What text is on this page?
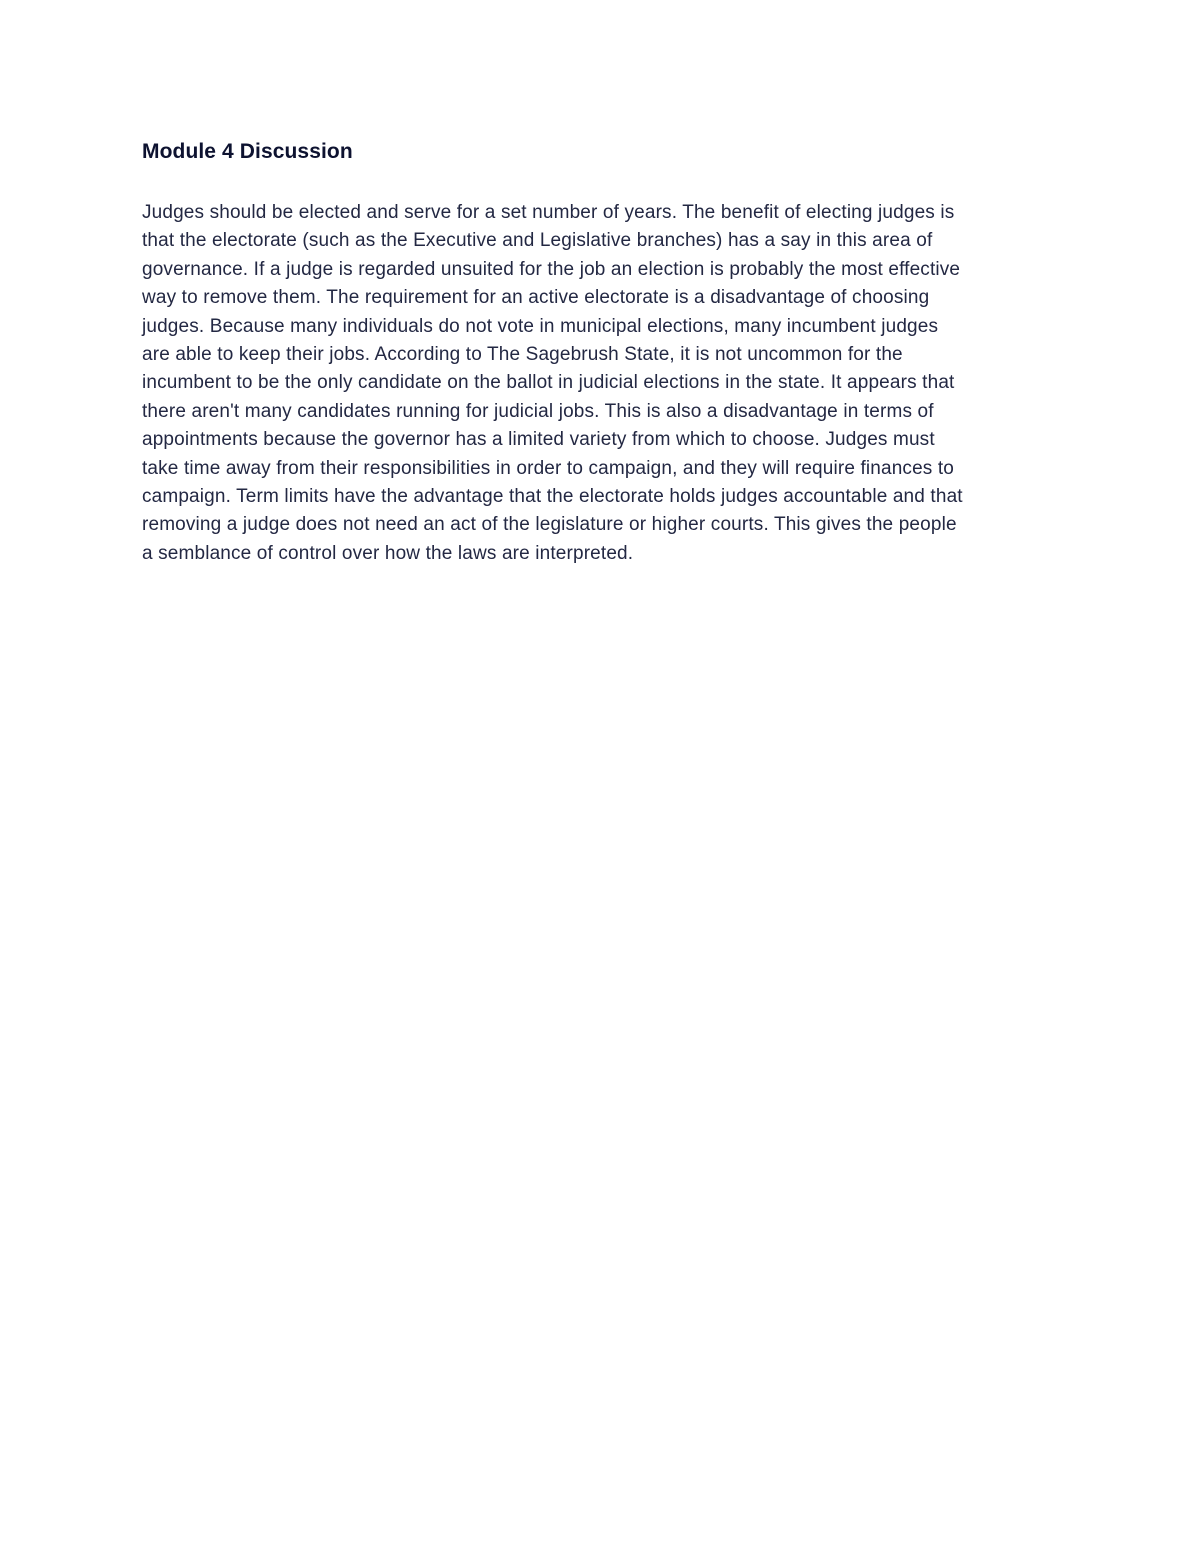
Module 4 Discussion

Judges should be elected and serve for a set number of years. The benefit of electing judges is
that the electorate (such as the Executive and Legislative branches) has a say in this area of
governance. If a judge is regarded unsuited for the job an election is probably the most effective
way to remove them. The requirement for an active electorate is a disadvantage of choosing
judges. Because many individuals do not vote in municipal elections, many incumbent judges
are able to keep their jobs. According to The Sagebrush State, it is not uncommon for the
incumbent to be the only candidate on the ballot in judicial elections in the state. It appears that
there aren't many candidates running for judicial jobs. This is also a disadvantage in terms of
appointments because the governor has a limited variety from which to choose. Judges must
take time away from their responsibilities in order to campaign, and they will require finances to
campaign. Term limits have the advantage that the electorate holds judges accountable and that
removing a judge does not need an act of the legislature or higher courts. This gives the people
a semblance of control over how the laws are interpreted.
